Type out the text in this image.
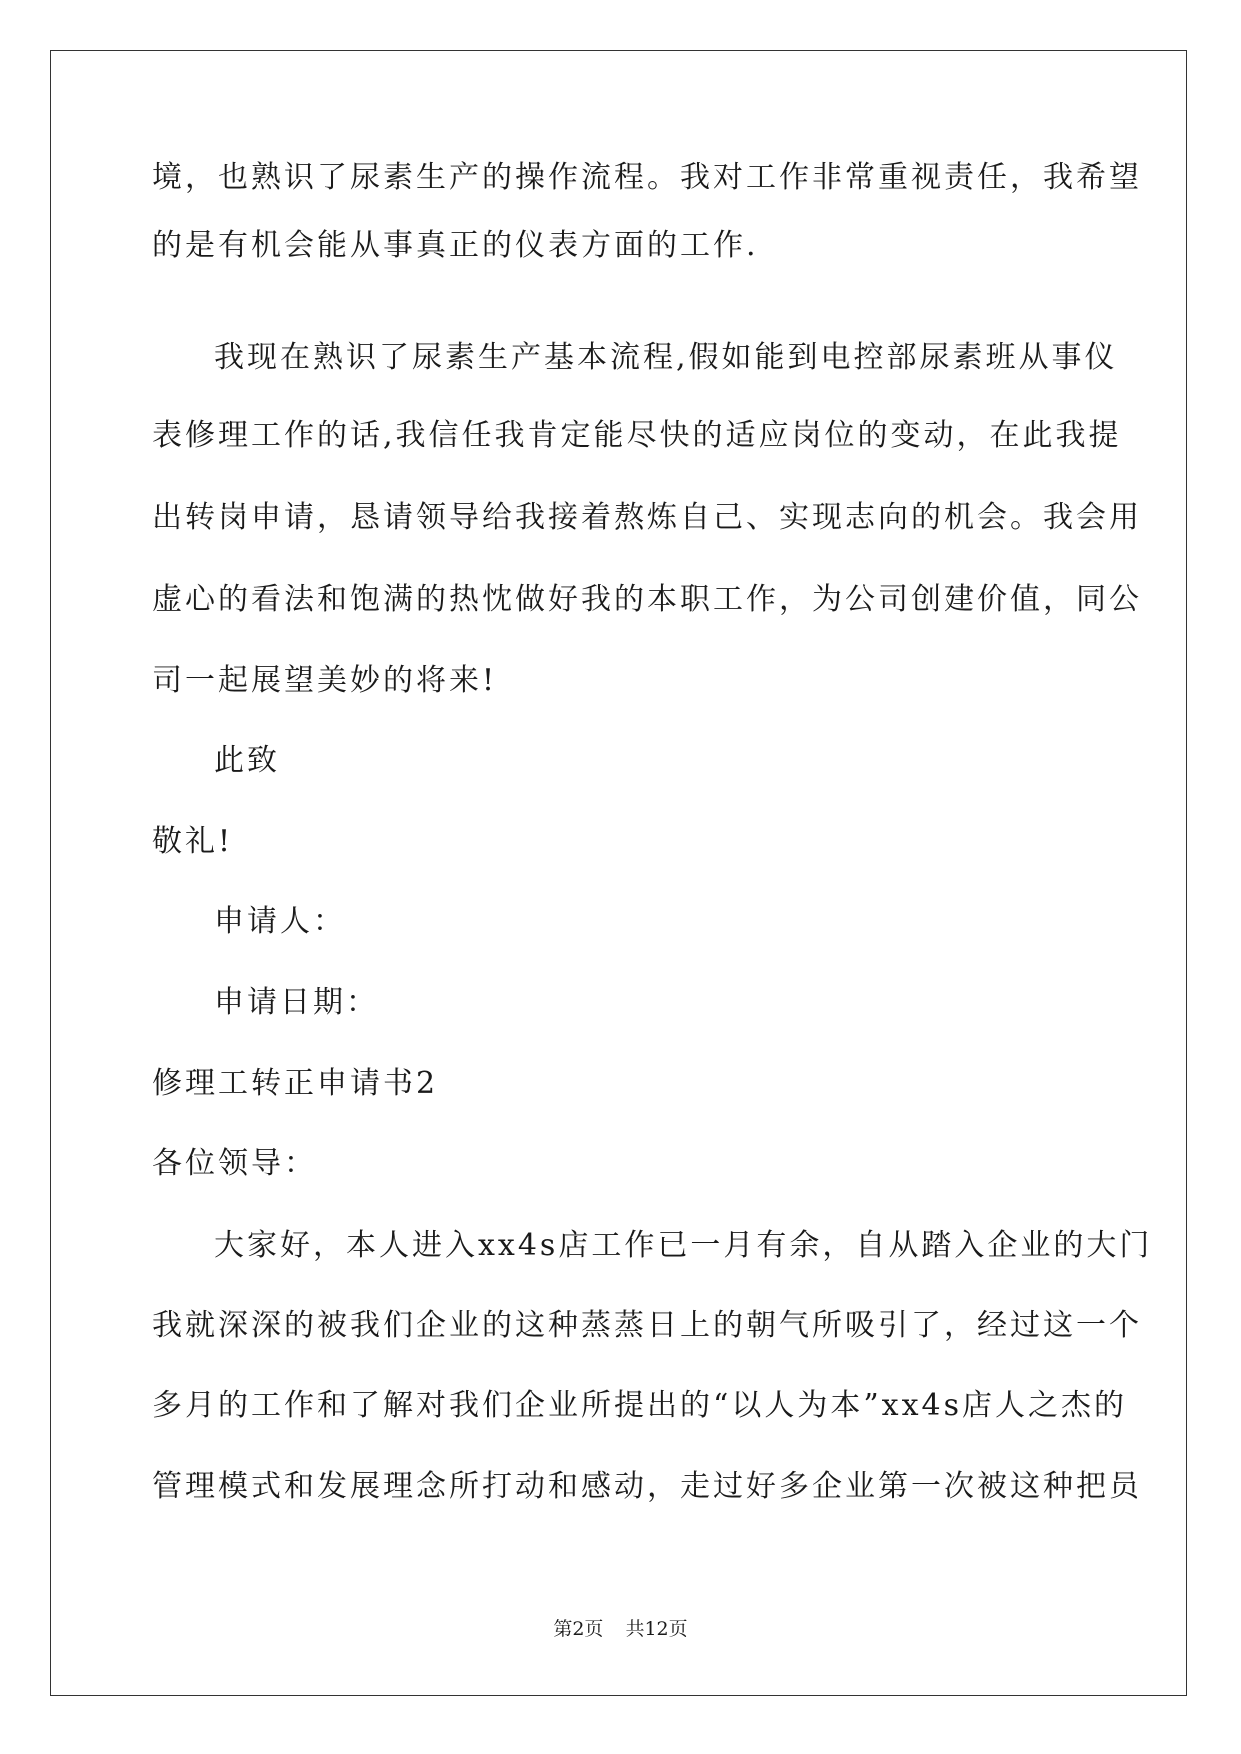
境，也熟识了尿素生产的操作流程。我对工作非常重视责任，我希望
的是有机会能从事真正的仪表方面的工作.
我现在熟识了尿素生产基本流程,假如能到电控部尿素班从事仪
表修理工作的话,我信任我肯定能尽快的适应岗位的变动，在此我提
出转岗申请，恳请领导给我接着熬炼自己、实现志向的机会。我会用
虚心的看法和饱满的热忱做好我的本职工作，为公司创建价值，同公
司一起展望美妙的将来!
此致
敬礼!
申请人：
申请日期：
修理工转正申请书2
各位领导：
大家好，本人进入xx4s店工作已一月有余，自从踏入企业的大门
我就深深的被我们企业的这种蒸蒸日上的朝气所吸引了，经过这一个
多月的工作和了解对我们企业所提出的“以人为本”xx4s店人之杰的
管理模式和发展理念所打动和感动，走过好多企业第一次被这种把员
第2页 共12页
